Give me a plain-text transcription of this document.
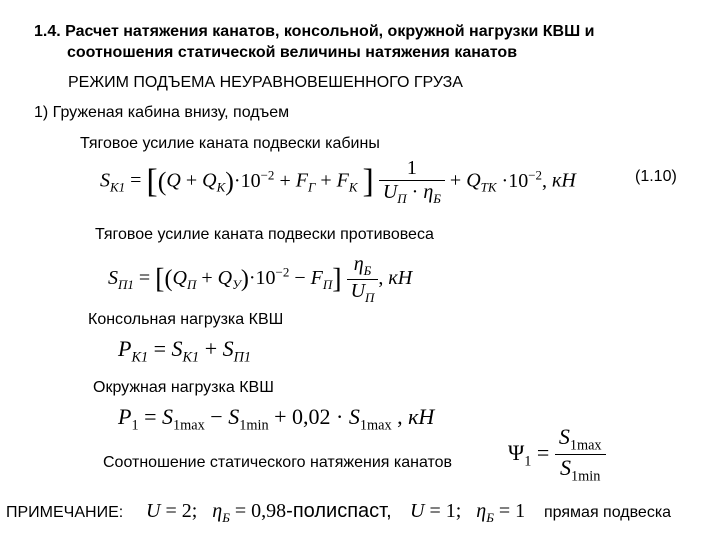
1.4. Расчет натяжения канатов, консольной, окружной нагрузки КВШ и
соотношения статической величины натяжения канатов
РЕЖИМ ПОДЪЕМА НЕУРАВНОВЕШЕННОГО ГРУЗА
1) Груженая кабина внизу, подъем
Тяговое усилие каната подвески кабины
$S_{К1} = [(Q + Q_К)\cdot 10^{-2} + F_Г + F_К$ ] $\frac{1}{U_П \cdot \eta_Б} + Q_{ТК} \cdot 10^{-2}$, кН	(1.10)
Тяговое усилие каната подвески противовеса
$S_{П1} = [(Q_П + Q_У)\cdot 10^{-2} - F_П] \frac{\eta_Б}{U_П}$ , кН
Консольная нагрузка КВШ
$P_{К1} = S_{К1} + S_{П1}$
Окружная нагрузка КВШ
$P_1 = S_{1max} - S_{1min} + 0,02 \cdot S_{1max}$ , кН
Соотношение статического натяжения канатов	$\Psi_1 = \frac{S_{1max}}{S_{1min}}$
ПРИМЕЧАНИЕ: U = 2;   $\eta_Б$ = 0,98-полиспаст, U = 1;   $\eta_Б = 1$ прямая подвеска
